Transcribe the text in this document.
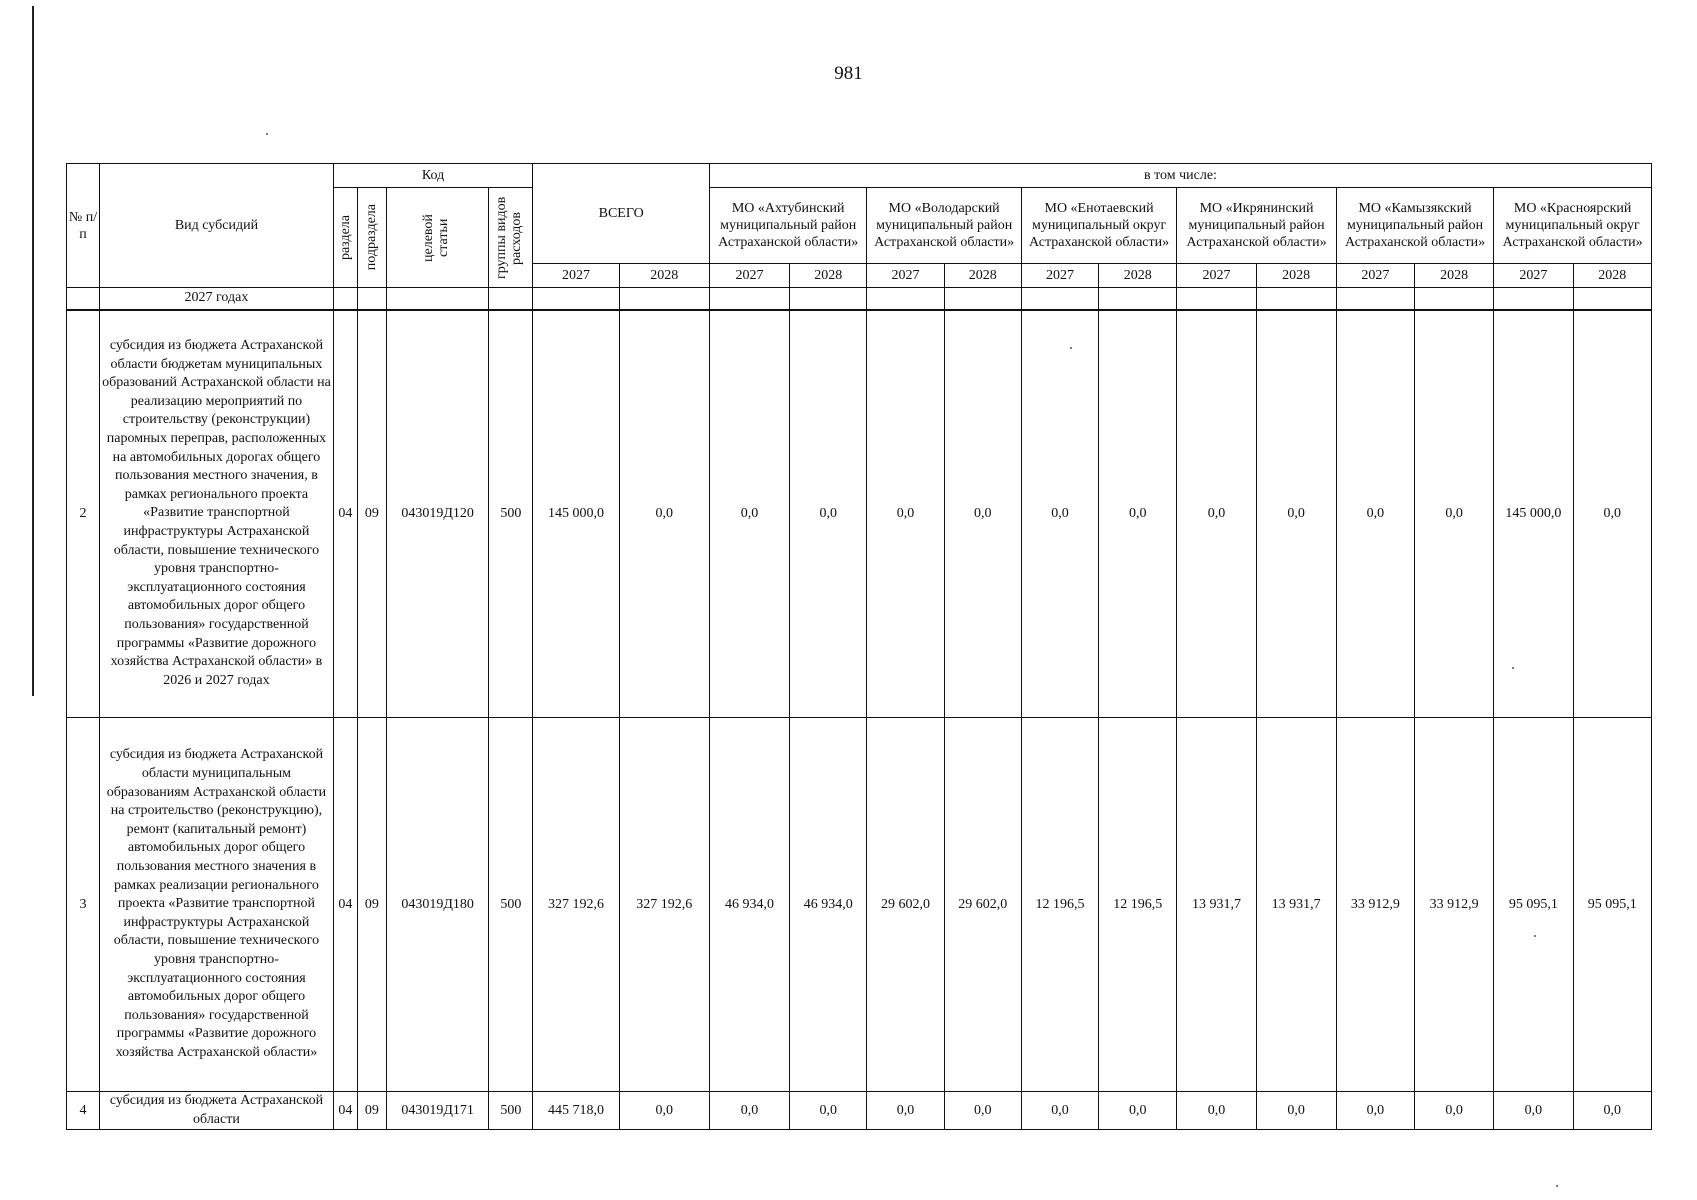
981
№ п/п	Вид субсидий	Код				ВСЕГО		в том числе:											

		раздела	подраздела	целевой статьи	группы видов расходов			МО «Ахтубинский муниципальный район Астраханской области»		МО «Володарский муниципальный район Астраханской области»		МО «Енотаевский муниципальный округ Астраханской области»		МО «Икрянинский муниципальный район Астраханской области»		МО «Камызякский муниципальный район Астраханской области»		МО «Красноярский муниципальный округ Астраханской области»	
						2027	2028	2027	2028	2027	2028	2027	2028	2027	2028	2027	2028	2027	2028
	2027 годах																		
2	субсидия из бюджета Астраханской области бюджетам муниципальных образований Астраханской области на реализацию мероприятий по строительству (реконструкции) паромных переправ, расположенных на автомобильных дорогах общего пользования местного значения, в рамках регионального проекта «Развитие транспортной инфраструктуры Астраханской области, повышение технического уровня транспортно-эксплуатационного состояния автомобильных дорог общего пользования» государственной программы «Развитие дорожного хозяйства Астраханской области» в 2026 и 2027 годах	04	09	043019Д120	500	145 000,0	0,0	0,0	0,0	0,0	0,0	0,0	0,0	0,0	0,0	0,0	0,0	145 000,0	0,0
3	субсидия из бюджета Астраханской области муниципальным образованиям Астраханской области на строительство (реконструкцию), ремонт (капитальный ремонт) автомобильных дорог общего пользования местного значения в рамках реализации регионального проекта «Развитие транспортной инфраструктуры Астраханской области, повышение технического уровня транспортно-эксплуатационного состояния автомобильных дорог общего пользования» государственной программы «Развитие дорожного хозяйства Астраханской области»	04	09	043019Д180	500	327 192,6	327 192,6	46 934,0	46 934,0	29 602,0	29 602,0	12 196,5	12 196,5	13 931,7	13 931,7	33 912,9	33 912,9	95 095,1	95 095,1
4	субсидия из бюджета Астраханской области	04	09	043019Д171	500	445 718,0	0,0	0,0	0,0	0,0	0,0	0,0	0,0	0,0	0,0	0,0	0,0	0,0	0,0
